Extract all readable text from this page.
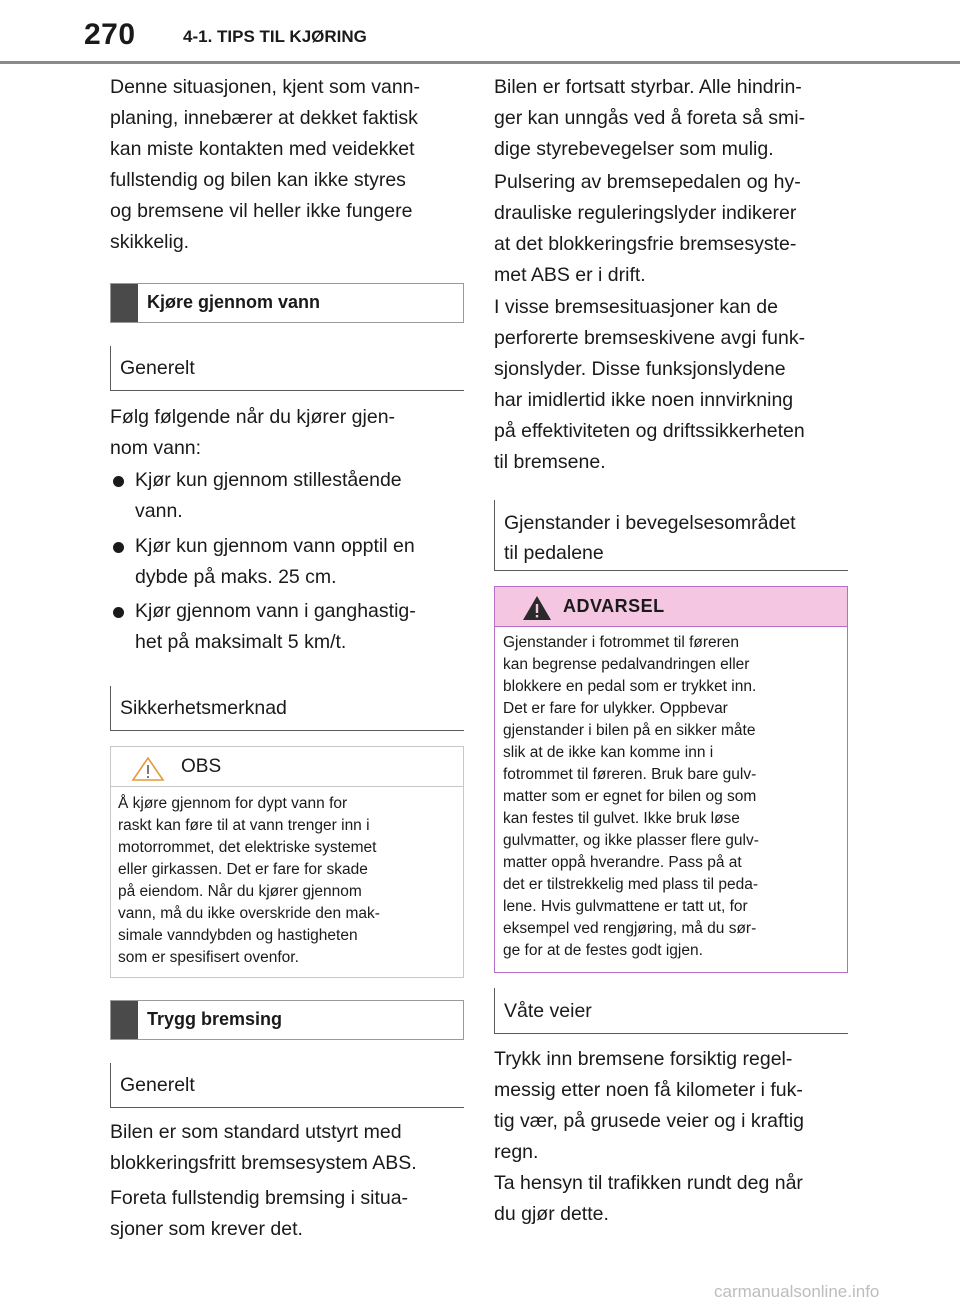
270	4-1. TIPS TIL KJØRING
Denne situasjonen, kjent som vann-
planing, innebærer at dekket faktisk
kan miste kontakten med veidekket
fullstendig og bilen kan ikke styres
og bremsene vil heller ikke fungere
skikkelig.
Kjøre gjennom vann
Generelt
Følg følgende når du kjører gjen-
nom vann:
Kjør kun gjennom stillestående
vann.
Kjør kun gjennom vann opptil en
dybde på maks. 25 cm.
Kjør gjennom vann i ganghastig-
het på maksimalt 5 km/t.
Sikkerhetsmerknad
OBS
Å kjøre gjennom for dypt vann for
raskt kan føre til at vann trenger inn i
motorrommet, det elektriske systemet
eller girkassen. Det er fare for skade
på eiendom. Når du kjører gjennom
vann, må du ikke overskride den mak-
simale vanndybden og hastigheten
som er spesifisert ovenfor.
Trygg bremsing
Generelt
Bilen er som standard utstyrt med
blokkeringsfritt bremsesystem ABS.
Foreta fullstendig bremsing i situa-
sjoner som krever det.
Bilen er fortsatt styrbar. Alle hindrin-
ger kan unngås ved å foreta så smi-
dige styrebevegelser som mulig.
Pulsering av bremsepedalen og hy-
drauliske reguleringslyder indikerer
at det blokkeringsfrie bremsesyste-
met ABS er i drift.
I visse bremsesituasjoner kan de
perforerte bremseskivene avgi funk-
sjonslyder. Disse funksjonslydene
har imidlertid ikke noen innvirkning
på effektiviteten og driftssikkerheten
til bremsene.
Gjenstander i bevegelsesområdet
til pedalene
ADVARSEL
Gjenstander i fotrommet til føreren
kan begrense pedalvandringen eller
blokkere en pedal som er trykket inn.
Det er fare for ulykker. Oppbevar
gjenstander i bilen på en sikker måte
slik at de ikke kan komme inn i
fotrommet til føreren. Bruk bare gulv-
matter som er egnet for bilen og som
kan festes til gulvet. Ikke bruk løse
gulvmatter, og ikke plasser flere gulv-
matter oppå hverandre. Pass på at
det er tilstrekkelig med plass til peda-
lene. Hvis gulvmattene er tatt ut, for
eksempel ved rengjøring, må du sør-
ge for at de festes godt igjen.
Våte veier
Trykk inn bremsene forsiktig regel-
messig etter noen få kilometer i fuk-
tig vær, på grusede veier og i kraftig
regn.
Ta hensyn til trafikken rundt deg når
du gjør dette.
carmanualsonline.info
